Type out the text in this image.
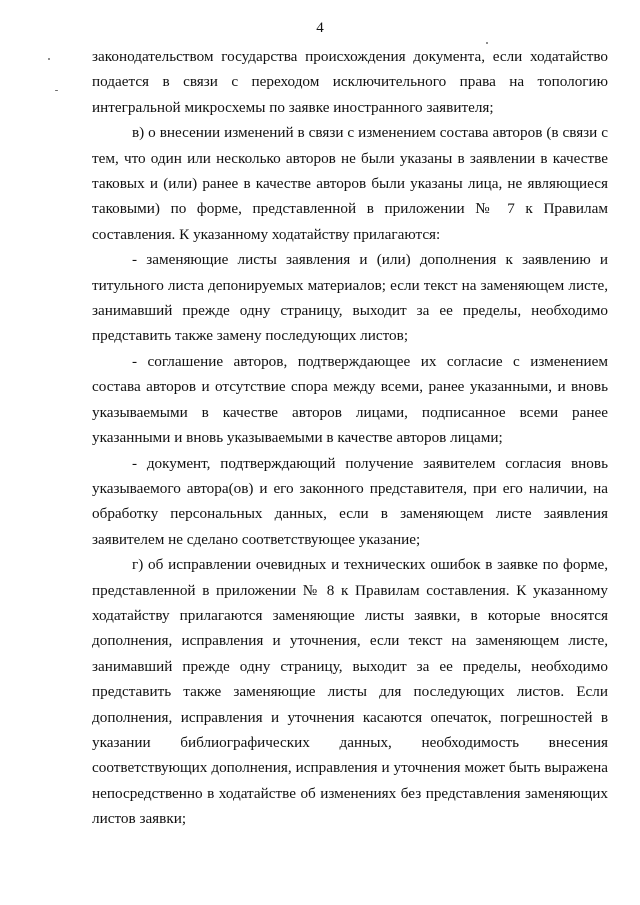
4

законодательством государства происхождения документа, если ходатайство подается в связи с переходом исключительного права на топологию интегральной микросхемы по заявке иностранного заявителя;

в) о внесении изменений в связи с изменением состава авторов (в связи с тем, что один или несколько авторов не были указаны в заявлении в качестве таковых и (или) ранее в качестве авторов были указаны лица, не являющиеся таковыми) по форме, представленной в приложении № 7 к Правилам составления. К указанному ходатайству прилагаются:

- заменяющие листы заявления и (или) дополнения к заявлению и титульного листа депонируемых материалов; если текст на заменяющем листе, занимавший прежде одну страницу, выходит за ее пределы, необходимо представить также замену последующих листов;

- соглашение авторов, подтверждающее их согласие с изменением состава авторов и отсутствие спора между всеми, ранее указанными, и вновь указываемыми в качестве авторов лицами, подписанное всеми ранее указанными и вновь указываемыми в качестве авторов лицами;

- документ, подтверждающий получение заявителем согласия вновь указываемого автора(ов) и его законного представителя, при его наличии, на обработку персональных данных, если в заменяющем листе заявления заявителем не сделано соответствующее указание;

г) об исправлении очевидных и технических ошибок в заявке по форме, представленной в приложении № 8 к Правилам составления. К указанному ходатайству прилагаются заменяющие листы заявки, в которые вносятся дополнения, исправления и уточнения, если текст на заменяющем листе, занимавший прежде одну страницу, выходит за ее пределы, необходимо представить также заменяющие листы для последующих листов. Если дополнения, исправления и уточнения касаются опечаток, погрешностей в указании библиографических данных, необходимость внесения соответствующих дополнения, исправления и уточнения может быть выражена непосредственно в ходатайстве об изменениях без представления заменяющих листов заявки;
